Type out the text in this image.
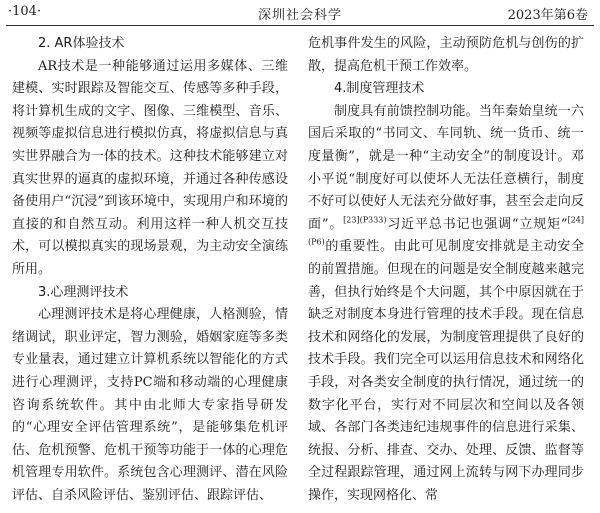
·104·	深圳社会科学	2023年第6卷
2. AR体验技术

AR技术是一种能够通过运用多媒体、三维建模、实时跟踪及智能交互、传感等多种手段，将计算机生成的文字、图像、三维模型、音乐、视频等虚拟信息进行模拟仿真，将虚拟信息与真实世界融合为一体的技术。这种技术能够建立对真实世界的逼真的虚拟环境，并通过各种传感设备使用户“沉浸”到该环境中，实现用户和环境的直接的和自然互动。利用这样一种人机交互技术，可以模拟真实的现场景观，为主动安全演练所用。

3.心理测评技术

心理测评技术是将心理健康，人格测验，情绪调试，职业评定，智力测验，婚姻家庭等多类专业量表，通过建立计算机系统以智能化的方式进行心理测评，支持PC端和移动端的心理健康咨询系统软件。其中由北师大专家指导研发的“心理安全评估管理系统”，是能够集危机评估、危机预警、危机干预等功能于一体的心理危机管理专用软件。系统包含心理测评、潜在风险评估、自杀风险评估、鉴别评估、跟踪评估、

危机事件发生的风险，主动预防危机与创伤的扩散，提高危机干预工作效率。

4.制度管理技术

制度具有前馈控制功能。当年秦始皇统一六国后采取的“书同文、车同轨、统一货币、统一度量衡”，就是一种“主动安全”的制度设计。邓小平说“制度好可以使坏人无法任意横行，制度不好可以使好人无法充分做好事，甚至会走向反面”。$^{[23](P333)}$习近平总书记也强调“立规矩”$^{[24](P6)}$的重要性。由此可见制度安排就是主动安全的前置措施。但现在的问题是安全制度越来越完善，但执行始终是个大问题，其个中原因就在于缺乏对制度本身进行管理的技术手段。现在信息技术和网络化的发展，为制度管理提供了良好的技术手段。我们完全可以运用信息技术和网络化手段，对各类安全制度的执行情况，通过统一的数字化平台，实行对不同层次和空间以及各领域、各部门各类违纪违规事件的信息进行采集、统报、分析、排查、交办、处理、反馈、监督等全过程跟踪管理，通过网上流转与网下办理同步操作，实现网格化、常
